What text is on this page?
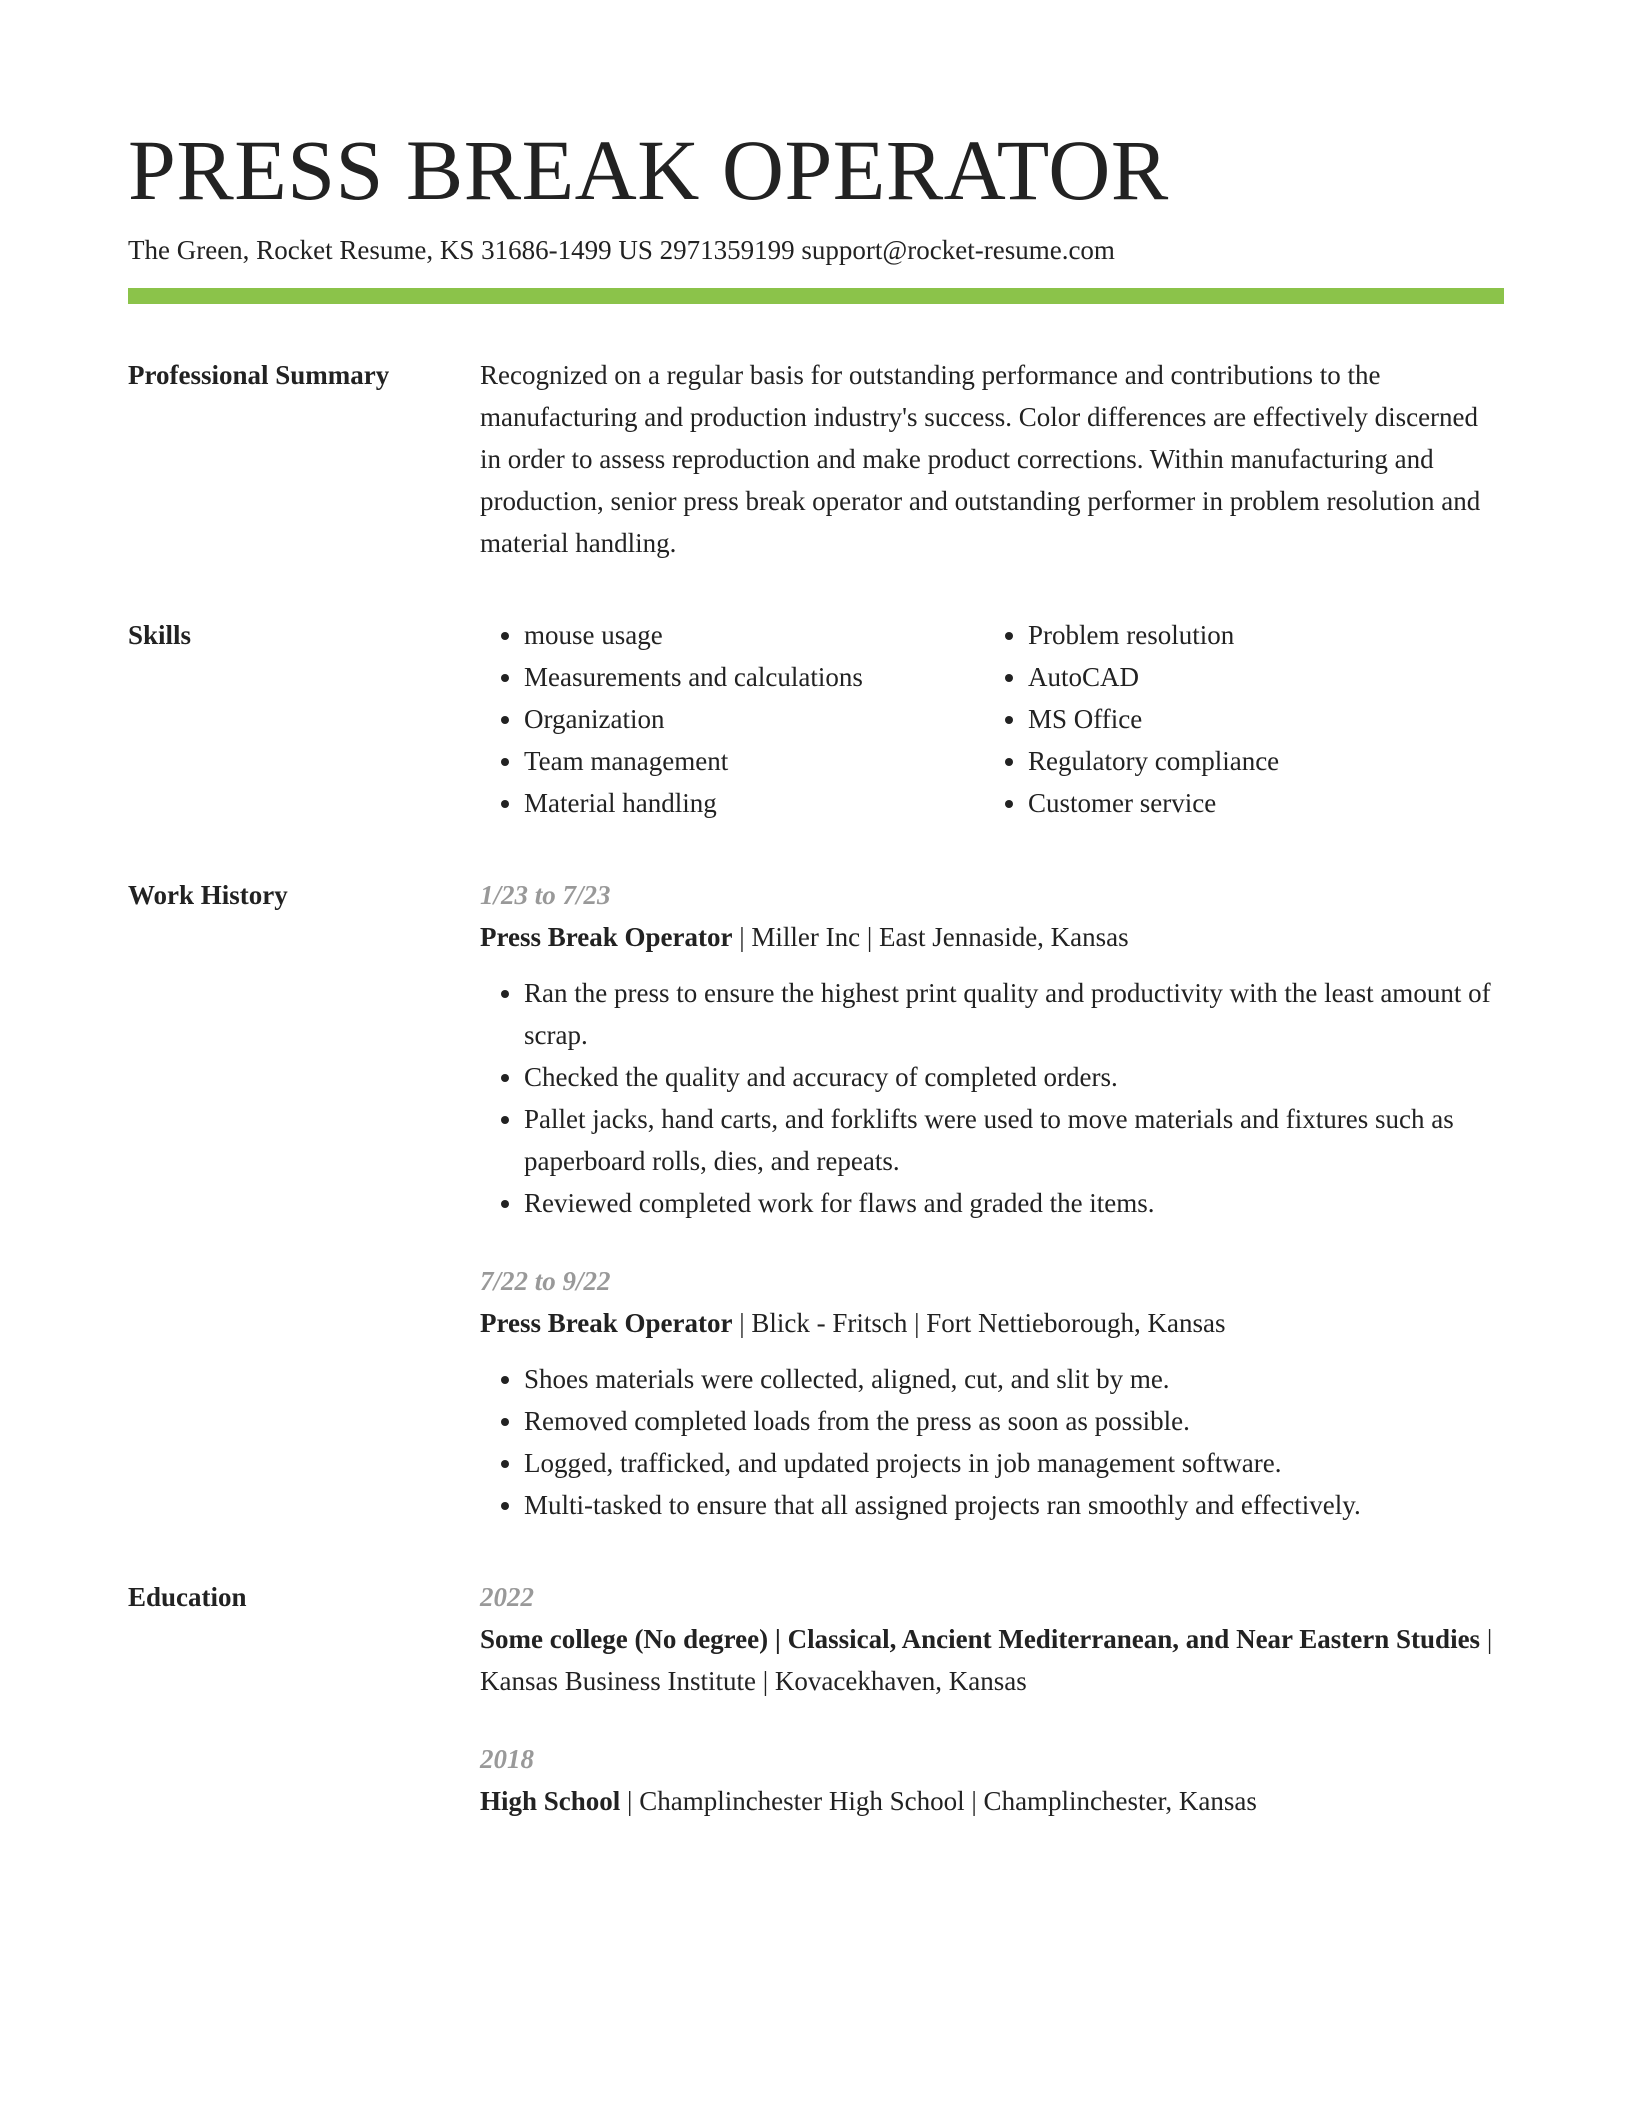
PRESS BREAK OPERATOR
The Green, Rocket Resume, KS 31686-1499 US 2971359199 support@rocket-resume.com
Professional Summary	Recognized on a regular basis for outstanding performance and contributions to the manufacturing and production industry's success. Color differences are effectively discerned in order to assess reproduction and make product corrections. Within manufacturing and production, senior press break operator and outstanding performer in problem resolution and material handling.

Skills
•	mouse usage
• Measurements and calculations
• Organization
• Team management
• Material handling
• Problem resolution
• AutoCAD
• MS Office
• Regulatory compliance
• Customer service
Work History	1/23 to 7/23
Press Break Operator | Miller Inc | East Jennaside, Kansas
• Ran the press to ensure the highest print quality and productivity with the least amount of scrap.
• Checked the quality and accuracy of completed orders.
• Pallet jacks, hand carts, and forklifts were used to move materials and fixtures such as paperboard rolls, dies, and repeats.
• Reviewed completed work for flaws and graded the items.
7/22 to 9/22
Press Break Operator | Blick - Fritsch | Fort Nettieborough, Kansas
• Shoes materials were collected, aligned, cut, and slit by me.
• Removed completed loads from the press as soon as possible.
• Logged, trafficked, and updated projects in job management software.
• Multi-tasked to ensure that all assigned projects ran smoothly and effectively.
Education	2022
Some college (No degree) | Classical, Ancient Mediterranean, and Near Eastern Studies | Kansas Business Institute | Kovacekhaven, Kansas
2018
High School | Champlinchester High School | Champlinchester, Kansas
